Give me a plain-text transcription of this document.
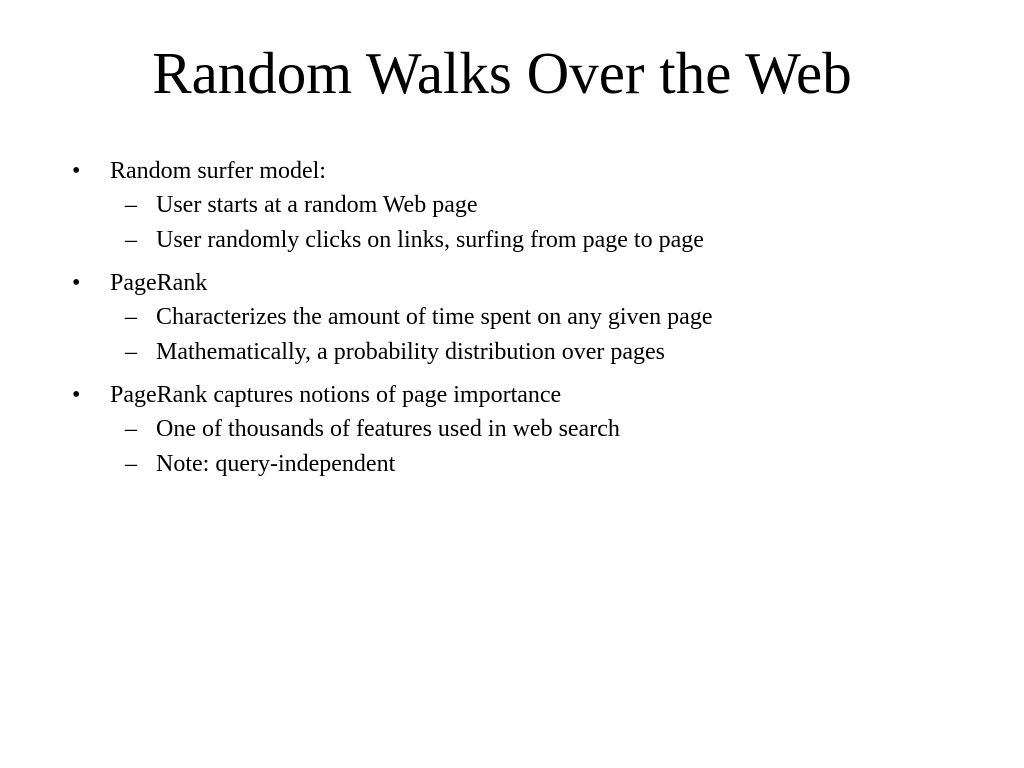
Random Walks Over the Web
• Random surfer model:
– User starts at a random Web page
– User randomly clicks on links, surfing from page to page
• PageRank
– Characterizes the amount of time spent on any given page
– Mathematically, a probability distribution over pages
• PageRank captures notions of page importance
– One of thousands of features used in web search
– Note: query-independent
